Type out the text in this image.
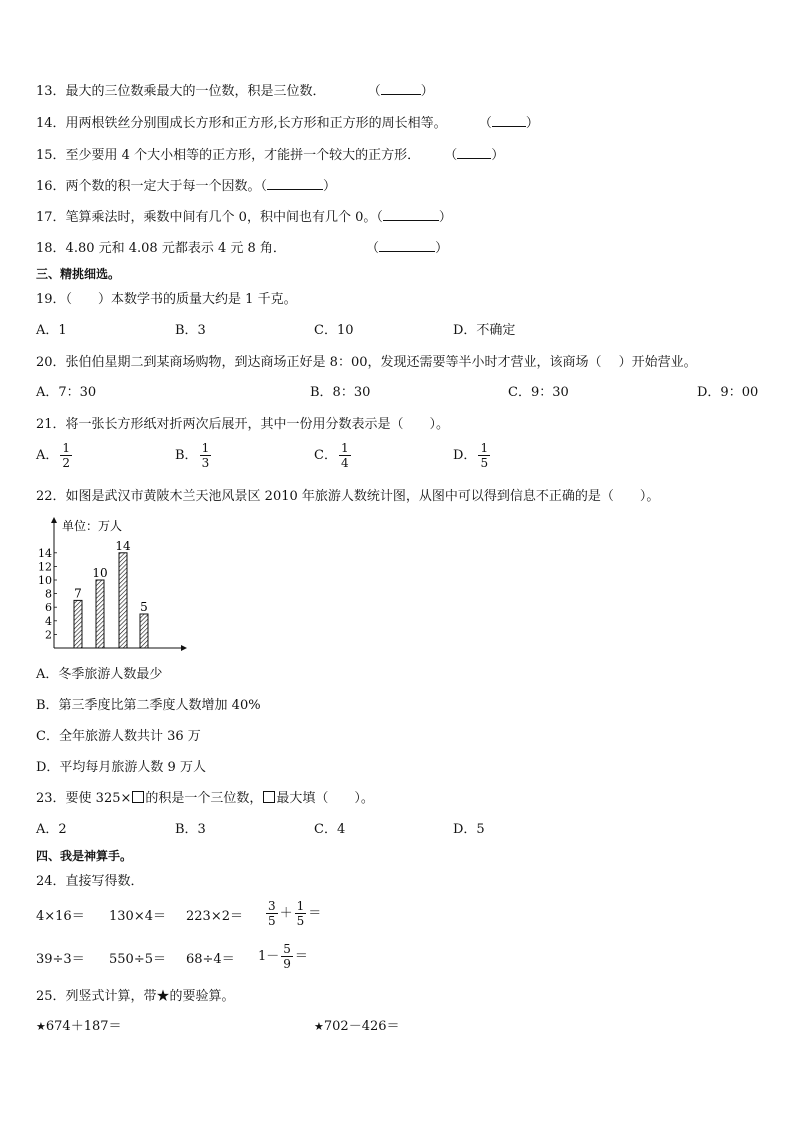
13．最大的三位数乘最大的一位数，积是三位数．	（	）
14．用两根铁丝分别围成长方形和正方形,长方形和正方形的周长相等。 （	）
15．至少要用 4 个大小相等的正方形，才能拼一个较大的正方形． （	）
16．两个数的积一定大于每一个因数。（	）
17．笔算乘法时，乘数中间有几个 0，积中间也有几个 0。（	）
18．4.80 元和 4.08 元都表示 4 元 8 角．	（	）
三、精挑细选。
19．（　　）本数学书的质量大约是 1 千克。
A．1	B．3	C．10	D．不确定
20．张伯伯星期二到某商场购物，到达商场正好是 8：00，发现还需要等半小时才营业，该商场（　 ）开始营业。
A．7：30	B．8：30	C．9：30	D．9：00
21．将一张长方形纸对折两次后展开，其中一份用分数表示是（　　）。
A． $\frac{1}{2}$	B． $\frac{1}{3}$	C． $\frac{1}{4}$	D． $\frac{1}{5}$
22．如图是武汉市黄陂木兰天池风景区 2010 年旅游人数统计图，从图中可以得到信息不正确的是（　　）。
单位：万人
2
4
6
8
10
12
14
7
10
14
5
A．冬季旅游人数最少
B．第三季度比第二季度人数增加 40%
C．全年旅游人数共计 36 万
D．平均每月旅游人数 9 万人
23．要使 325× 的积是一个三位数， 最大填（　　）。
A．2	B．3	C．4	D．5
四、我是神算手。
24．直接写得数．
$4\times 16= 130\times 4= 223\times 2= \frac{3}{5} + \frac{1}{5}$ ＝
$39\div 3= 550\div 5= 68\div 4= 1- \frac{5}{9}$ ＝
25．列竖式计算，带★的要验算。
★ 674＋187＝
★	702－426＝
